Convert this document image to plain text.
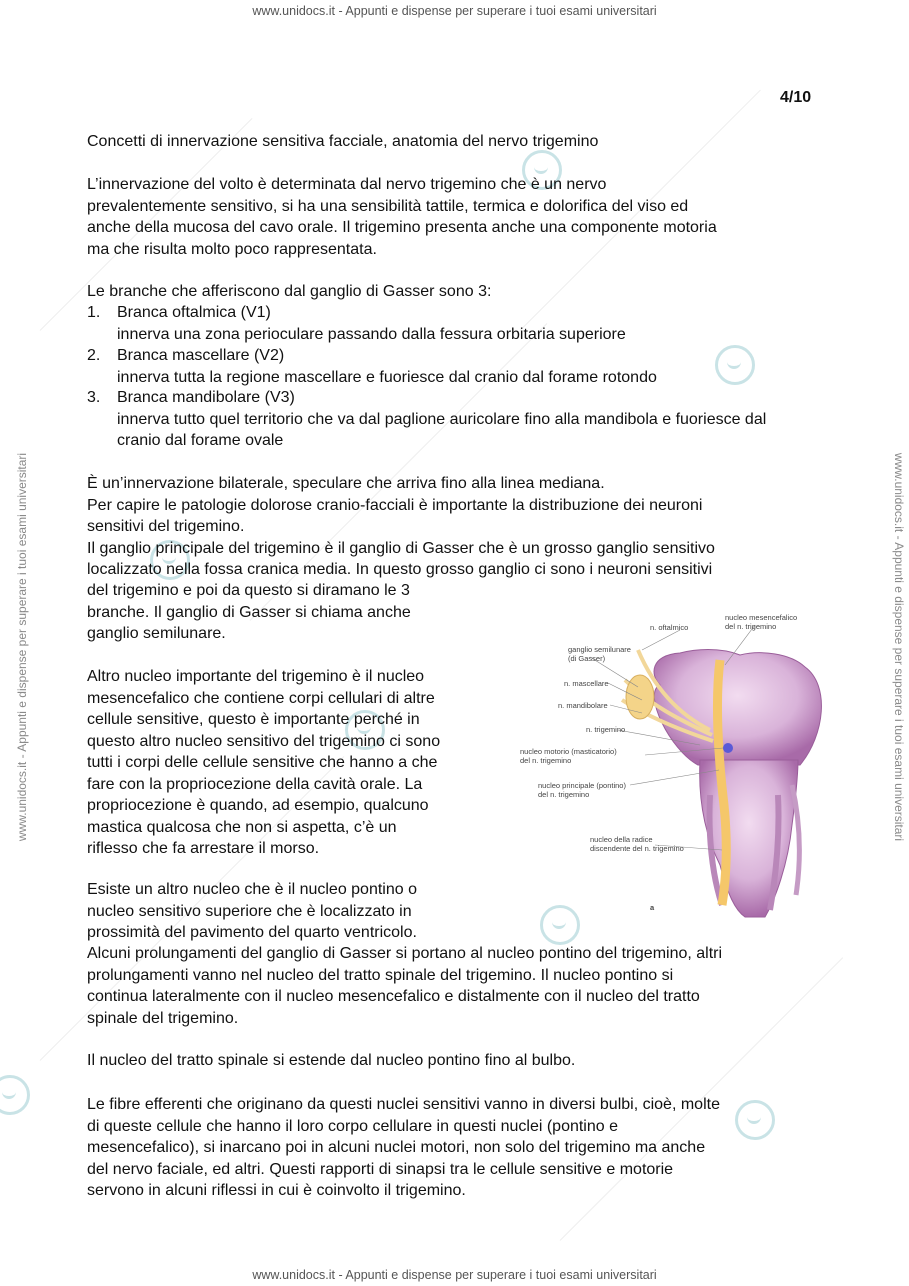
www.unidocs.it - Appunti e dispense per superare i tuoi esami universitari
www.unidocs.it - Appunti e dispense per superare i tuoi esami universitari
www.unidocs.it - Appunti e dispense per superare i tuoi esami universitari	www.unidocs.it - Appunti e dispense per superare i tuoi esami universitari
4/10
Concetti di innervazione sensitiva facciale, anatomia del nervo trigemino
L’innervazione del volto è determinata dal nervo trigemino che è un nervo
prevalentemente sensitivo, si ha una sensibilità tattile, termica e dolorifica del viso ed
anche della mucosa del cavo orale. Il trigemino presenta anche una componente motoria
ma che risulta molto poco rappresentata.
Le branche che afferiscono dal ganglio di Gasser sono 3:
1. Branca oftalmica (V1)
innerva una zona perioculare passando dalla fessura orbitaria superiore
2. Branca mascellare (V2)
innerva tutta la regione mascellare e fuoriesce dal cranio dal forame rotondo
3. Branca mandibolare (V3)
innerva tutto quel territorio che va dal paglione auricolare fino alla mandibola e fuoriesce dal cranio dal forame ovale
È un’innervazione bilaterale, speculare che arriva fino alla linea mediana.
Per capire le patologie dolorose cranio-facciali è importante la distribuzione dei neuroni
sensitivi del trigemino.
Il ganglio principale del trigemino è il ganglio di Gasser che è un grosso ganglio sensitivo
localizzato nella fossa cranica media. In questo grosso ganglio ci sono i neuroni sensitivi
del trigemino e poi da questo si diramano le 3
branche. Il ganglio di Gasser si chiama anche
ganglio semilunare.
Altro nucleo importante del trigemino è il nucleo
mesencefalico che contiene corpi cellulari di altre
cellule sensitive, questo è importante perché in
questo altro nucleo sensitivo del trigemino ci sono
tutti i corpi delle cellule sensitive che hanno a che
fare con la propriocezione della cavità orale. La
propriocezione è quando, ad esempio, qualcuno
mastica qualcosa che non si aspetta, c’è un
riflesso che fa arrestare il morso.
Esiste un altro nucleo che è il nucleo pontino o
nucleo sensitivo superiore che è localizzato in
prossimità del pavimento del quarto ventricolo.
Alcuni prolungamenti del ganglio di Gasser si portano al nucleo pontino del trigemino, altri
prolungamenti vanno nel nucleo del tratto spinale del trigemino. Il nucleo pontino si
continua lateralmente con il nucleo mesencefalico e distalmente con il nucleo del tratto
spinale del trigemino.
Il nucleo del tratto spinale si estende dal nucleo pontino fino al bulbo.
Le fibre efferenti che originano da questi nuclei sensitivi vanno in diversi bulbi, cioè, molte
di queste cellule che hanno il loro corpo cellulare in questi nuclei (pontino e
mesencefalico), si inarcano poi in alcuni nuclei motori, non solo del trigemino ma anche
del nervo faciale, ed altri. Questi rapporti di sinapsi tra le cellule sensitive e motorie
servono in alcuni riflessi in cui è coinvolto il trigemino.
n. oftalmico
nucleo mesencefalico
del n. trigemino
ganglio semilunare
(di Gasser)
n. mascellare
n. mandibolare
n. trigemino
nucleo motorio (masticatorio)
del n. trigemino
nucleo principale (pontino)
del n. trigemino
nucleo della radice
discendente del n. trigemino
a
